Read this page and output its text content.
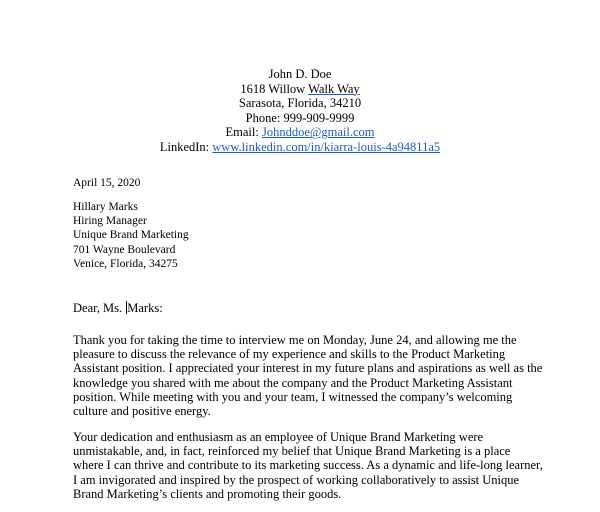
John D. Doe
1618 Willow Walk Way
Sarasota, Florida, 34210
Phone: 999-909-9999
Email: Johnddoe@gmail.com
LinkedIn: www.linkedin.com/in/kiarra-louis-4a94811a5
April 15, 2020
Hillary Marks
Hiring Manager
Unique Brand Marketing
701 Wayne Boulevard
Venice, Florida, 34275
Dear, Ms. Marks:
Thank you for taking the time to interview me on Monday, June 24, and allowing me the pleasure to discuss the relevance of my experience and skills to the Product Marketing Assistant position. I appreciated your interest in my future plans and aspirations as well as the knowledge you shared with me about the company and the Product Marketing Assistant position. While meeting with you and your team, I witnessed the company’s welcoming culture and positive energy.
Your dedication and enthusiasm as an employee of Unique Brand Marketing were unmistakable, and, in fact, reinforced my belief that Unique Brand Marketing is a place where I can thrive and contribute to its marketing success. As a dynamic and life-long learner, I am invigorated and inspired by the prospect of working collaboratively to assist Unique Brand Marketing’s clients and promoting their goods.
